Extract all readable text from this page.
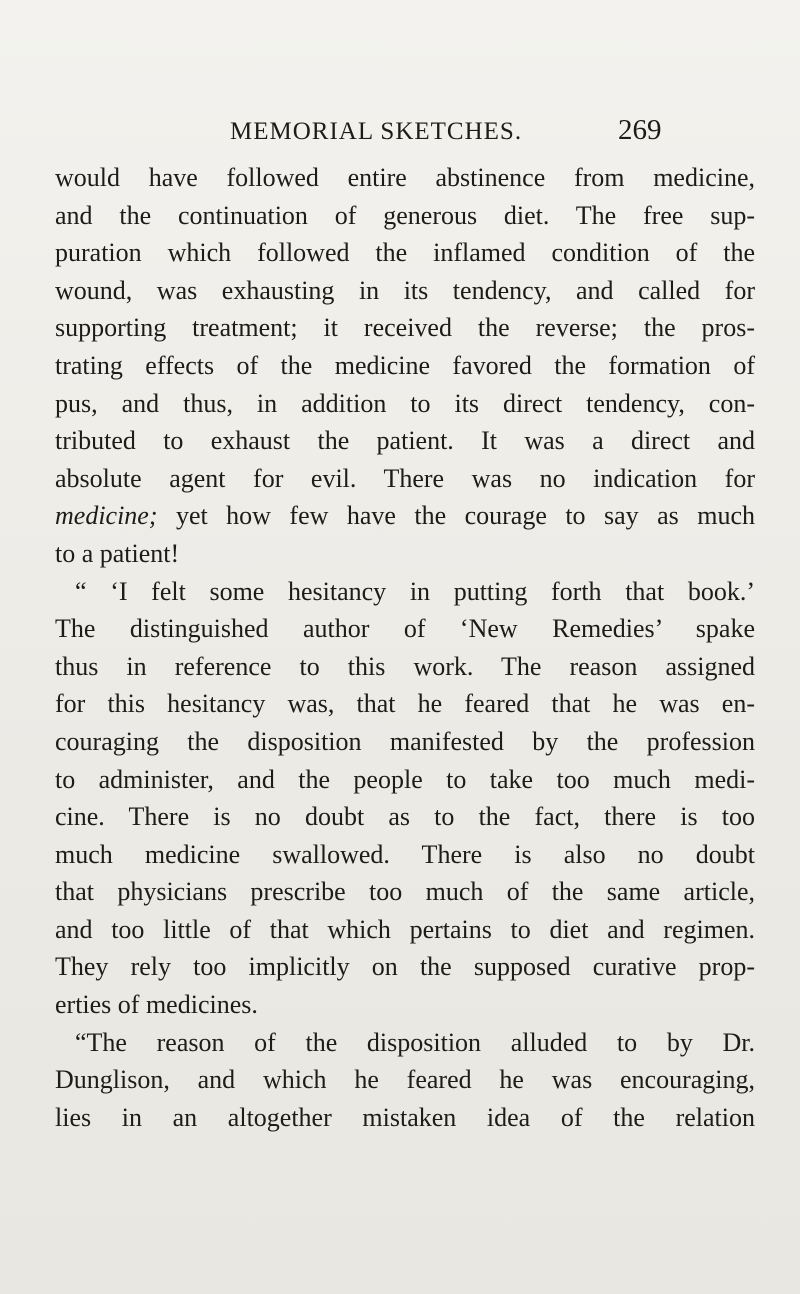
MEMORIAL SKETCHES.	269
would have followed entire abstinence from medicine,
and the continuation of generous diet. The free sup-
puration which followed the inflamed condition of the
wound, was exhausting in its tendency, and called for
supporting treatment; it received the reverse; the pros-
trating effects of the medicine favored the formation of
pus, and thus, in addition to its direct tendency, con-
tributed to exhaust the patient. It was a direct and
absolute agent for evil. There was no indication for
medicine; yet how few have the courage to say as much
to a patient!
“ ‘I felt some hesitancy in putting forth that book.’
The distinguished author of ‘New Remedies’ spake
thus in reference to this work. The reason assigned
for this hesitancy was, that he feared that he was en-
couraging the disposition manifested by the profession
to administer, and the people to take too much medi-
cine. There is no doubt as to the fact, there is too
much medicine swallowed. There is also no doubt
that physicians prescribe too much of the same article,
and too little of that which pertains to diet and regimen.
They rely too implicitly on the supposed curative prop-
erties of medicines.
“The reason of the disposition alluded to by Dr.
Dunglison, and which he feared he was encouraging,
lies in an altogether mistaken idea of the relation
